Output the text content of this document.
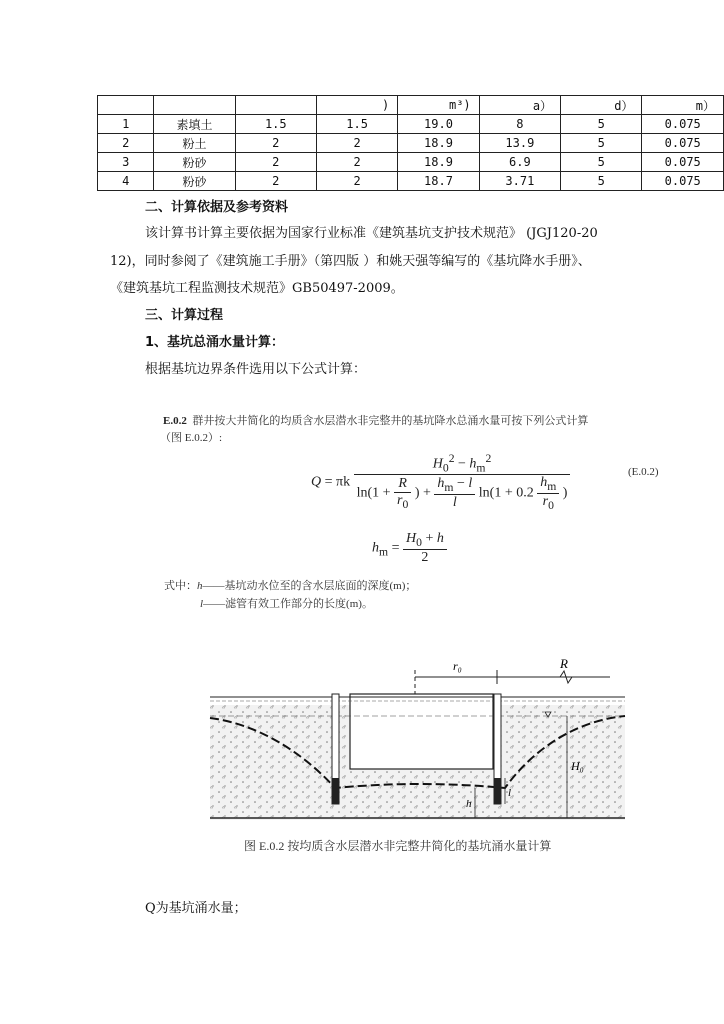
			)	m³)	a）	d）	m）
1	素填土	1.5	1.5	19.0	8	5	0.075
2	粉土	2	2	18.9	13.9	5	0.075
3	粉砂	2	2	18.9	6.9	5	0.075
4	粉砂	2	2	18.7	3.71	5	0.075
二、计算依据及参考资料
该计算书计算主要依据为国家行业标准《建筑基坑支护技术规范》 (JGJ120-20
12)，同时参阅了《建筑施工手册》（第四版 ）和姚天强等编写的《基坑降水手册》、
《建筑基坑工程监测技术规范》GB50497-2009。
三、计算过程
1、基坑总涌水量计算：
根据基坑边界条件选用以下公式计算：
E.0.2 群井按大井简化的均质含水层潜水非完整井的基坑降水总涌水量可按下列公式计算
（图 E.0.2）:
Q = πk
$H_0^2 - h_m^2$
$\ln(1 + \frac{R}{r_0}$ ) + $\frac{h_m - l}{l} \ln(1 + 0.2 \frac{h_m}{r_0}$ )
(E.0.2)
$h_m = \frac{H_0 + h}{2}$
式中：h——基坑动水位至的含水层底面的深度(m)；
l——滤管有效工作部分的长度(m)。
r₀	R
H₀
h
l
图 E.0.2 按均质含水层潜水非完整井简化的基坑涌水量计算
Q为基坑涌水量；
